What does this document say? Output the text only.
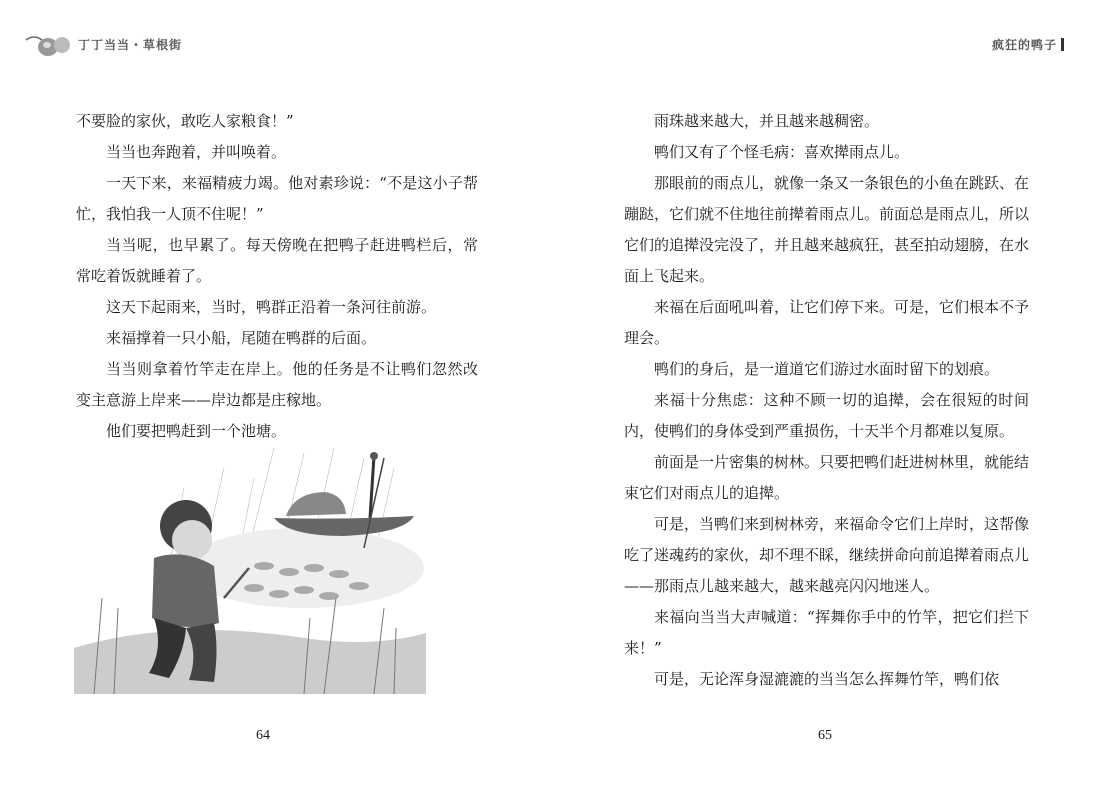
丁丁当当・草根街

不要脸的家伙，敢吃人家粮食！”

当当也奔跑着，并叫唤着。

一天下来，来福精疲力竭。他对素珍说：“不是这小子帮忙，我怕我一人顶不住呢！”

当当呢，也早累了。每天傍晚在把鸭子赶进鸭栏后，常常吃着饭就睡着了。

这天下起雨来，当时，鸭群正沿着一条河往前游。

来福撑着一只小船，尾随在鸭群的后面。

当当则拿着竹竿走在岸上。他的任务是不让鸭们忽然改变主意游上岸来——岸边都是庄稼地。

他们要把鸭赶到一个池塘。

64
疯狂的鸭子

雨珠越来越大，并且越来越稠密。

鸭们又有了个怪毛病：喜欢撵雨点儿。

那眼前的雨点儿，就像一条又一条银色的小鱼在跳跃、在蹦跶，它们就不住地往前撵着雨点儿。前面总是雨点儿，所以它们的追撵没完没了，并且越来越疯狂，甚至拍动翅膀，在水面上飞起来。

来福在后面吼叫着，让它们停下来。可是，它们根本不予理会。

鸭们的身后，是一道道它们游过水面时留下的划痕。

来福十分焦虑：这种不顾一切的追撵，会在很短的时间内，使鸭们的身体受到严重损伤，十天半个月都难以复原。

前面是一片密集的树林。只要把鸭们赶进树林里，就能结束它们对雨点儿的追撵。

可是，当鸭们来到树林旁，来福命令它们上岸时，这帮像吃了迷魂药的家伙，却不理不睬，继续拼命向前追撵着雨点儿——那雨点儿越来越大，越来越亮闪闪地迷人。

来福向当当大声喊道：“挥舞你手中的竹竿，把它们拦下来！”

可是，无论浑身湿漉漉的当当怎么挥舞竹竿，鸭们依

65
